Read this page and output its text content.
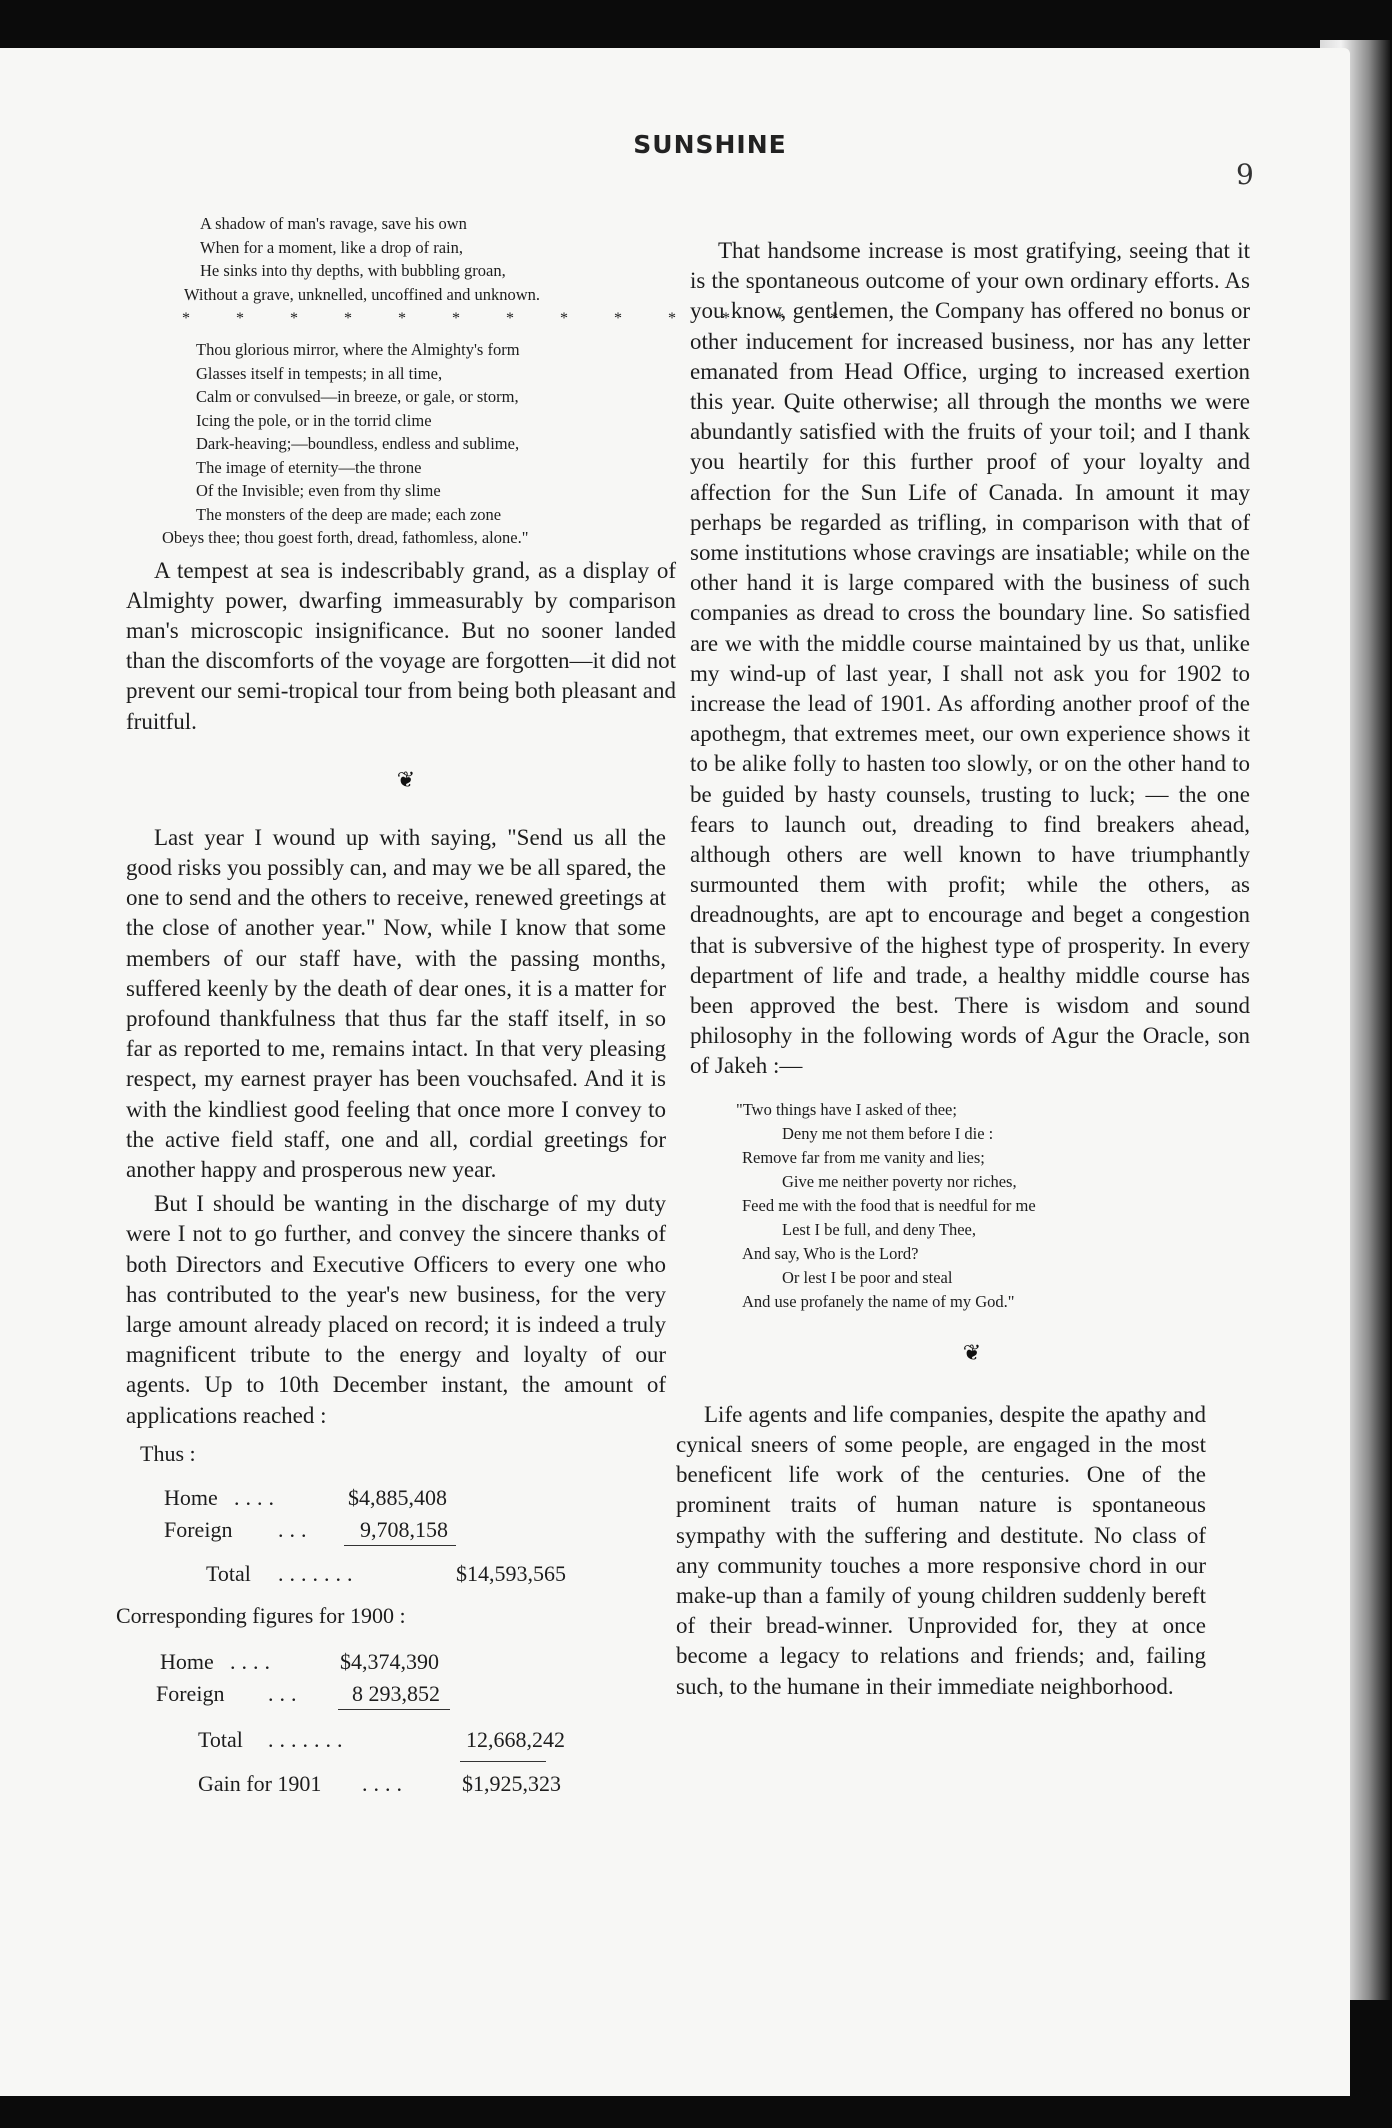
SUNSHINE
9
A shadow of man's ravage, save his own
When for a moment, like a drop of rain,
He sinks into thy depths, with bubbling groan,
Without a grave, unknelled, uncoffined and unknown.
* * * * * * * * * * * * *
Thou glorious mirror, where the Almighty's form
Glasses itself in tempests; in all time,
Calm or convulsed—in breeze, or gale, or storm,
Icing the pole, or in the torrid clime
Dark-heaving;—boundless, endless and sublime,
The image of eternity—the throne
Of the Invisible; even from thy slime
The monsters of the deep are made; each zone
Obeys thee; thou goest forth, dread, fathomless, alone."

A tempest at sea is indescribably grand, as a display of Almighty power, dwarfing immeasurably by comparison man's microscopic insignificance. But no sooner landed than the discomforts of the voyage are forgotten—it did not prevent our semi-tropical tour from being both pleasant and fruitful.

❦

Last year I wound up with saying, "Send us all the good risks you possibly can, and may we be all spared, the one to send and the others to receive, renewed greetings at the close of another year." Now, while I know that some members of our staff have, with the passing months, suffered keenly by the death of dear ones, it is a matter for profound thankfulness that thus far the staff itself, in so far as reported to me, remains intact. In that very pleasing respect, my earnest prayer has been vouchsafed. And it is with the kindliest good feeling that once more I convey to the active field staff, one and all, cordial greetings for another happy and prosperous new year.

But I should be wanting in the discharge of my duty were I not to go further, and convey the sincere thanks of both Directors and Executive Officers to every one who has contributed to the year's new business, for the very large amount already placed on record; it is indeed a truly magnificent tribute to the energy and loyalty of our agents. Up to 10th December instant, the amount of applications reached :

Thus :
Home ....	$4,885,408
Foreign ... 9,708,158
Total .......	$14,593,565
Corresponding figures for 1900 :
Home ....	$4,374,390
Foreign ... 8 293,852
Total .......	12,668,242
Gain for 1901 .... $1,925,323

That handsome increase is most gratifying, seeing that it is the spontaneous outcome of your own ordinary efforts. As you know, gentlemen, the Company has offered no bonus or other inducement for increased business, nor has any letter emanated from Head Office, urging to increased exertion this year. Quite otherwise; all through the months we were abundantly satisfied with the fruits of your toil; and I thank you heartily for this further proof of your loyalty and affection for the Sun Life of Canada. In amount it may perhaps be regarded as trifling, in comparison with that of some institutions whose cravings are insatiable; while on the other hand it is large compared with the business of such companies as dread to cross the boundary line. So satisfied are we with the middle course maintained by us that, unlike my wind-up of last year, I shall not ask you for 1902 to increase the lead of 1901. As affording another proof of the apothegm, that extremes meet, our own experience shows it to be alike folly to hasten too slowly, or on the other hand to be guided by hasty counsels, trusting to luck; — the one fears to launch out, dreading to find breakers ahead, although others are well known to have triumphantly surmounted them with profit; while the others, as dreadnoughts, are apt to encourage and beget a congestion that is subversive of the highest type of prosperity. In every department of life and trade, a healthy middle course has been approved the best. There is wisdom and sound philosophy in the following words of Agur the Oracle, son of Jakeh :—

"Two things have I asked of thee;
Deny me not them before I die :
Remove far from me vanity and lies;
Give me neither poverty nor riches,
Feed me with the food that is needful for me
Lest I be full, and deny Thee,
And say, Who is the Lord?
Or lest I be poor and steal
And use profanely the name of my God."
❦

Life agents and life companies, despite the apathy and cynical sneers of some people, are engaged in the most beneficent life work of the centuries. One of the prominent traits of human nature is spontaneous sympathy with the suffering and destitute. No class of any community touches a more responsive chord in our make-up than a family of young children suddenly bereft of their bread-winner. Unprovided for, they at once become a legacy to relations and friends; and, failing such, to the humane in their immediate neighborhood.
